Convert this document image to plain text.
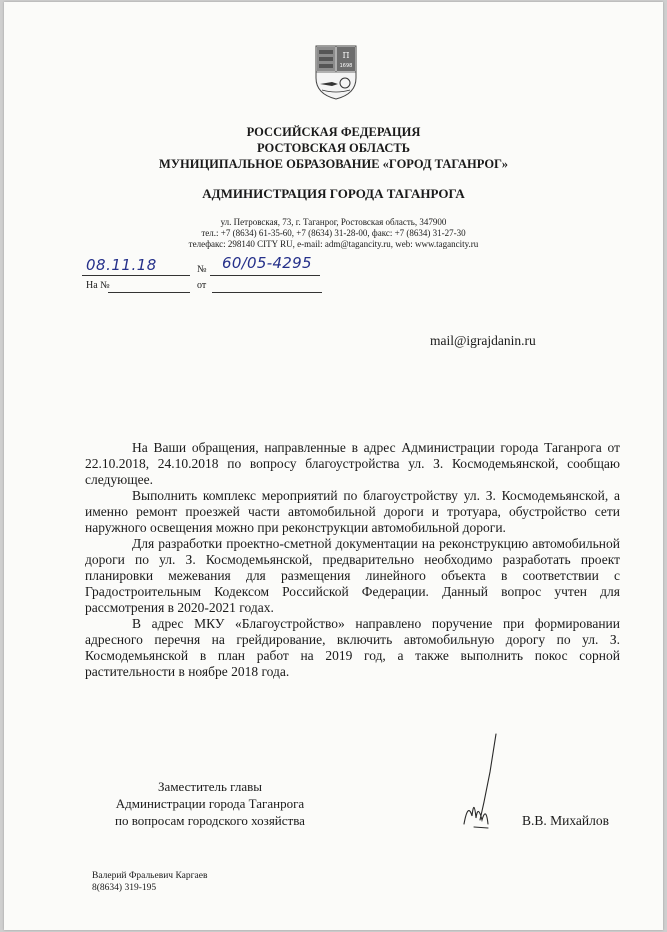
П
1698
РОССИЙСКАЯ ФЕДЕРАЦИЯ
РОСТОВСКАЯ ОБЛАСТЬ
МУНИЦИПАЛЬНОЕ ОБРАЗОВАНИЕ «ГОРОД ТАГАНРОГ»
АДМИНИСТРАЦИЯ ГОРОДА ТАГАНРОГА
ул. Петровская, 73, г. Таганрог, Ростовская область, 347900
тел.: +7 (8634) 61-35-60, +7 (8634) 31-28-00, факс: +7 (8634) 31-27-30
телефакс: 298140 CITY RU, e-mail: adm@tagancity.ru, web: www.tagancity.ru
08.11.18	№ 60/05-4295
На №	от
mail@igrajdanin.ru

На Ваши обращения, направленные в адрес Администрации города Таганрога от 22.10.2018, 24.10.2018 по вопросу благоустройства ул. З. Космодемьянской, сообщаю следующее.

Выполнить комплекс мероприятий по благоустройству ул. З. Космодемьянской, а именно ремонт проезжей части автомобильной дороги и тротуара, обустройство сети наружного освещения можно при реконструкции автомобильной дороги.

Для разработки проектно-сметной документации на реконструкцию автомобильной дороги по ул. З. Космодемьянской, предварительно необходимо разработать проект планировки межевания для размещения линейного объекта в соответствии с Градостроительным Кодексом Российской Федерации. Данный вопрос учтен для рассмотрения в 2020-2021 годах.

В адрес МКУ «Благоустройство» направлено поручение при формировании адресного перечня на грейдирование, включить автомобильную дорогу по ул. З. Космодемьянской в план работ на 2019 год, а также выполнить покос сорной растительности в ноябре 2018 года.

Заместитель главы
Администрации города Таганрога
по вопросам городского хозяйства	В.В. Михайлов
Валерий Фральевич Каргаев
8(8634) 319-195
